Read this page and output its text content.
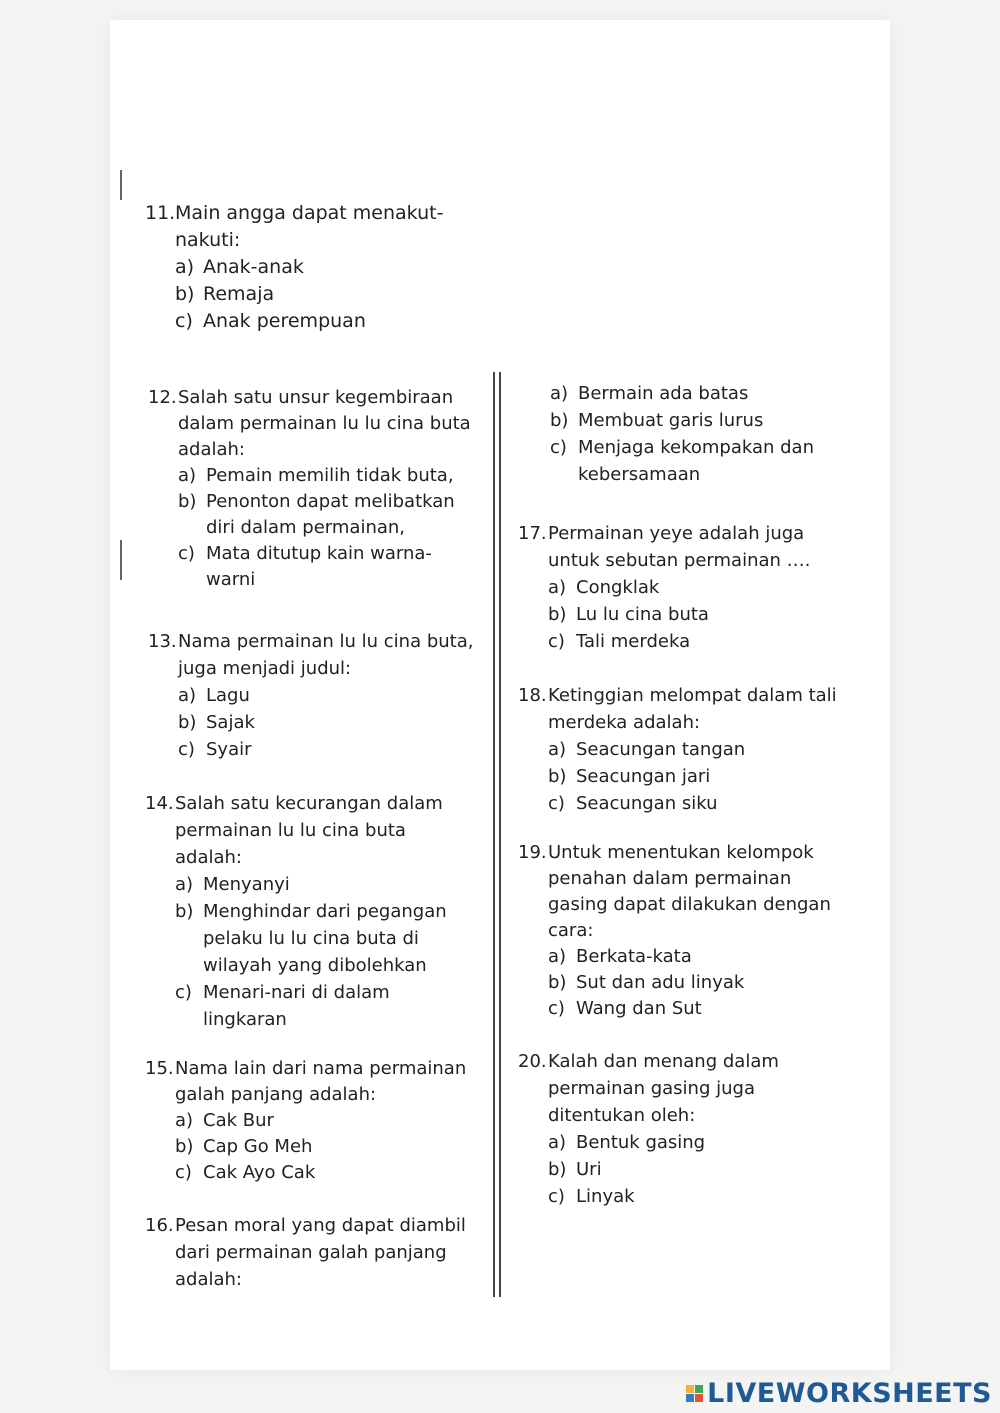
11. Main angga dapat menakut-nakuti:
a) Anak-anak
b) Remaja
c) Anak perempuan
12. Salah satu unsur kegembiraan dalam permainan lu lu cina buta adalah:
a) Pemain memilih tidak buta,
b) Penonton dapat melibatkan diri dalam permainan,
c) Mata ditutup kain warna-warni
13. Nama permainan lu lu cina buta, juga menjadi judul:
a) Lagu
b) Sajak
c) Syair
14. Salah satu kecurangan dalam permainan lu lu cina buta adalah:
a) Menyanyi
b) Menghindar dari pegangan pelaku lu lu cina buta di wilayah yang dibolehkan
c) Menari-nari di dalam lingkaran
15. Nama lain dari nama permainan galah panjang adalah:
a) Cak Bur
b) Cap Go Meh
c) Cak Ayo Cak
16. Pesan moral yang dapat diambil dari permainan galah panjang adalah:
a) Bermain ada batas
b) Membuat garis lurus
c) Menjaga kekompakan dan kebersamaan
17. Permainan yeye adalah juga untuk sebutan permainan ….
a) Congklak
b) Lu lu cina buta
c) Tali merdeka
18. Ketinggian melompat dalam tali merdeka adalah:
a) Seacungan tangan
b) Seacungan jari
c) Seacungan siku
19. Untuk menentukan kelompok penahan dalam permainan gasing dapat dilakukan dengan cara:
a) Berkata-kata
b) Sut dan adu linyak
c) Wang dan Sut
20. Kalah dan menang dalam permainan gasing juga ditentukan oleh:
a) Bentuk gasing
b) Uri
c) Linyak
LIVEWORKSHEETS
